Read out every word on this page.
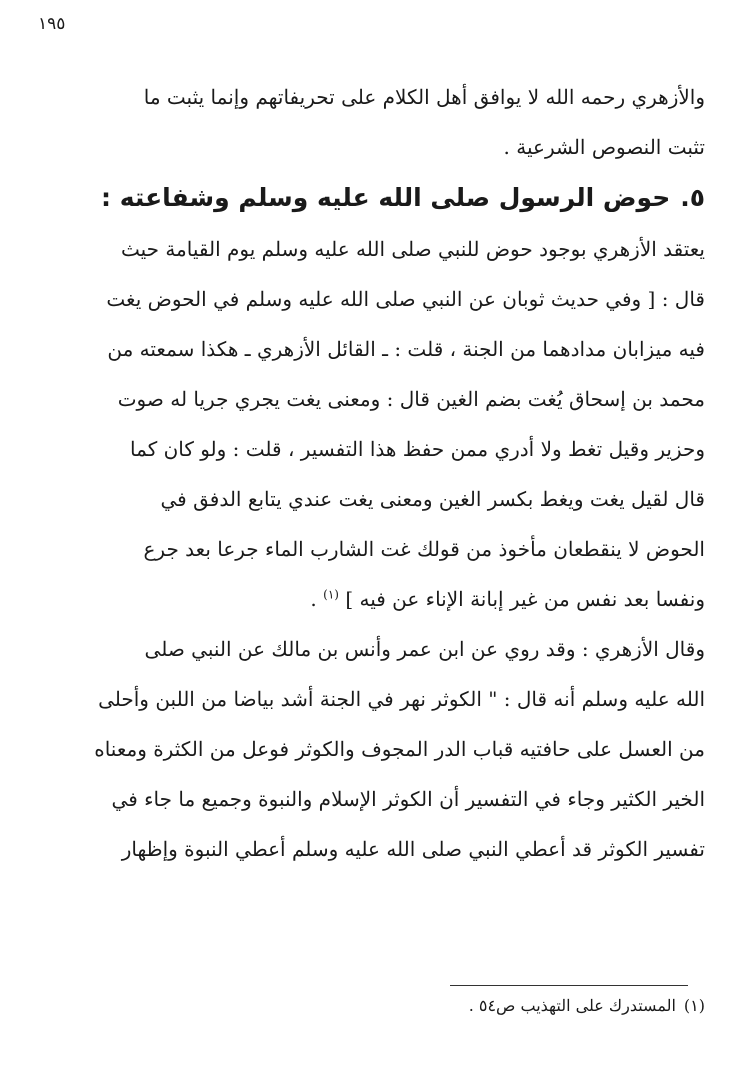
١٩٥

والأزهري رحمه الله لا يوافق أهل الكلام على تحريفاتهم وإنما يثبت ما
تثبت النصوص الشرعية .

٥.حوض الرسول صلى الله عليه وسلم وشفاعته :

يعتقد الأزهري بوجود حوض للنبي صلى الله عليه وسلم يوم القيامة حيث
قال : [ وفي حديث ثوبان عن النبي صلى الله عليه وسلم في الحوض يغت
فيه ميزابان مدادهما من الجنة ، قلت : ـ القائل الأزهري ـ هكذا سمعته من
محمد بن إسحاق يُغت بضم الغين قال : ومعنى يغت يجري جريا له صوت
وحزير وقيل تغط ولا أدري ممن حفظ هذا التفسير ، قلت : ولو كان كما
قال لقيل يغت ويغط بكسر الغين ومعنى يغت عندي يتابع الدفق في
الحوض لا ينقطعان مأخوذ من قولك غت الشارب الماء جرعا بعد جرع
ونفسا بعد نفس من غير إبانة الإناء عن فيه ] $^{(١)}$ .

وقال الأزهري : وقد روي عن ابن عمر وأنس بن مالك عن النبي صلى
الله عليه وسلم أنه قال : " الكوثر نهر في الجنة أشد بياضا من اللبن وأحلى
من العسل على حافتيه قباب الدر المجوف والكوثر فوعل من الكثرة ومعناه
الخير الكثير وجاء في التفسير أن الكوثر الإسلام والنبوة وجميع ما جاء في
تفسير الكوثر قد أعطي النبي صلى الله عليه وسلم أعطي النبوة وإظهار

(١)المستدرك على التهذيب ص٥٤ .
